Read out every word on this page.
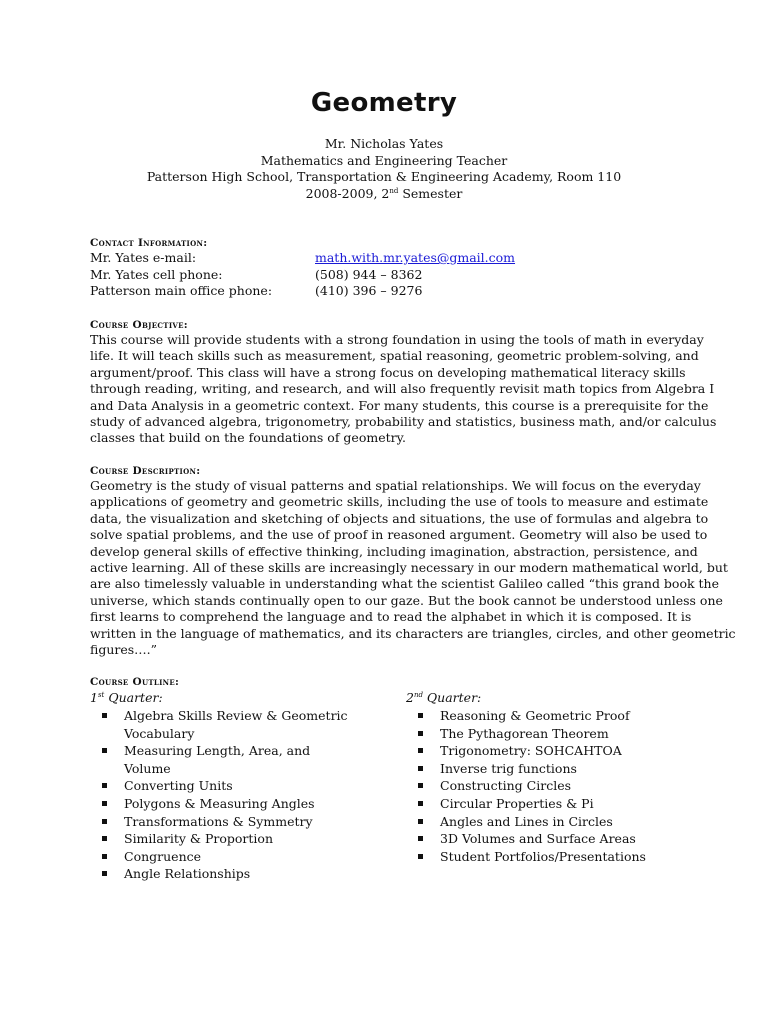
Geometry
Mr. Nicholas Yates
Mathematics and Engineering Teacher
Patterson High School, Transportation & Engineering Academy, Room 110
2008-2009, 2nd Semester
Contact Information:
Mr. Yates e-mail:	math.with.mr.yates@gmail.com
Mr. Yates cell phone:	(508) 944 – 8362
Patterson main office phone:	(410) 396 – 9276
Course Objective:
This course will provide students with a strong foundation in using the tools of math in everyday
life. It will teach skills such as measurement, spatial reasoning, geometric problem-solving, and
argument/proof. This class will have a strong focus on developing mathematical literacy skills
through reading, writing, and research, and will also frequently revisit math topics from Algebra I
and Data Analysis in a geometric context. For many students, this course is a prerequisite for the
study of advanced algebra, trigonometry, probability and statistics, business math, and/or calculus
classes that build on the foundations of geometry.
Course Description:
Geometry is the study of visual patterns and spatial relationships. We will focus on the everyday
applications of geometry and geometric skills, including the use of tools to measure and estimate
data, the visualization and sketching of objects and situations, the use of formulas and algebra to
solve spatial problems, and the use of proof in reasoned argument. Geometry will also be used to
develop general skills of effective thinking, including imagination, abstraction, persistence, and
active learning. All of these skills are increasingly necessary in our modern mathematical world, but
are also timelessly valuable in understanding what the scientist Galileo called “this grand book the
universe, which stands continually open to our gaze. But the book cannot be understood unless one
first learns to comprehend the language and to read the alphabet in which it is composed. It is
written in the language of mathematics, and its characters are triangles, circles, and other geometric
figures….”
Course Outline:
1st Quarter:
Algebra Skills Review & Geometric Vocabulary
Measuring Length, Area, and Volume
Converting Units
Polygons & Measuring Angles
Transformations & Symmetry
Similarity & Proportion
Congruence
Angle Relationships
2nd Quarter:
Reasoning & Geometric Proof
The Pythagorean Theorem
Trigonometry: SOHCAHTOA
Inverse trig functions
Constructing Circles
Circular Properties & Pi
Angles and Lines in Circles
3D Volumes and Surface Areas
Student Portfolios/Presentations
